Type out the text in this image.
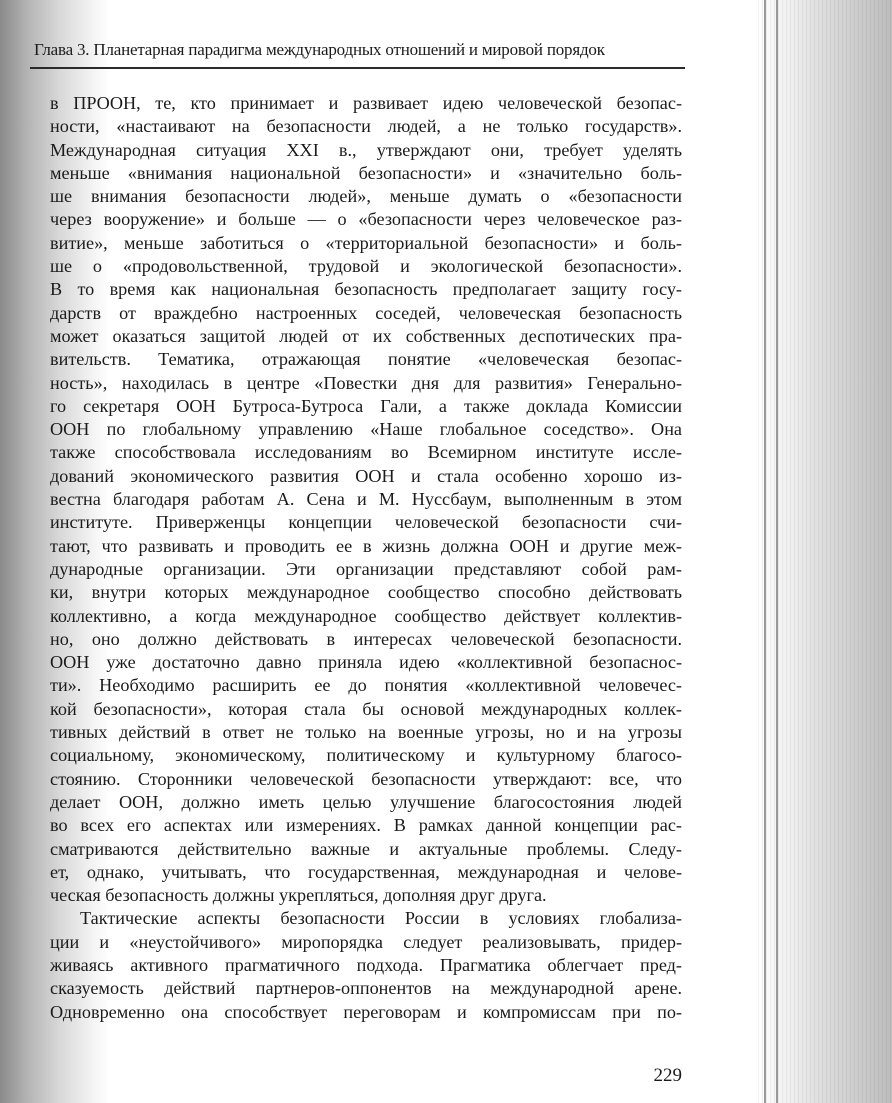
Глава 3. Планетарная парадигма международных отношений и мировой порядок
в ПРООН, те, кто принимает и развивает идею человеческой безопас-
ности, «настаивают на безопасности людей, а не только государств».
Международная ситуация XXI в., утверждают они, требует уделять
меньше «внимания национальной безопасности» и «значительно боль-
ше внимания безопасности людей», меньше думать о «безопасности
через вооружение» и больше — о «безопасности через человеческое раз-
витие», меньше заботиться о «территориальной безопасности» и боль-
ше о «продовольственной, трудовой и экологической безопасности».
В то время как национальная безопасность предполагает защиту госу-
дарств от враждебно настроенных соседей, человеческая безопасность
может оказаться защитой людей от их собственных деспотических пра-
вительств. Тематика, отражающая понятие «человеческая безопас-
ность», находилась в центре «Повестки дня для развития» Генерально-
го секретаря ООН Бутроса-Бутроса Гали, а также доклада Комиссии
ООН по глобальному управлению «Наше глобальное соседство». Она
также способствовала исследованиям во Всемирном институте иссле-
дований экономического развития ООН и стала особенно хорошо из-
вестна благодаря работам А. Сена и М. Нуссбаум, выполненным в этом
институте. Приверженцы концепции человеческой безопасности счи-
тают, что развивать и проводить ее в жизнь должна ООН и другие меж-
дународные организации. Эти организации представляют собой рам-
ки, внутри которых международное сообщество способно действовать
коллективно, а когда международное сообщество действует коллектив-
но, оно должно действовать в интересах человеческой безопасности.
ООН уже достаточно давно приняла идею «коллективной безопаснос-
ти». Необходимо расширить ее до понятия «коллективной человечес-
кой безопасности», которая стала бы основой международных коллек-
тивных действий в ответ не только на военные угрозы, но и на угрозы
социальному, экономическому, политическому и культурному благосо-
стоянию. Сторонники человеческой безопасности утверждают: все, что
делает ООН, должно иметь целью улучшение благосостояния людей
во всех его аспектах или измерениях. В рамках данной концепции рас-
сматриваются действительно важные и актуальные проблемы. Следу-
ет, однако, учитывать, что государственная, международная и челове-
ческая безопасность должны укрепляться, дополняя друг друга.
Тактические аспекты безопасности России в условиях глобализа-
ции и «неустойчивого» миропорядка следует реализовывать, придер-
живаясь активного прагматичного подхода. Прагматика облегчает пред-
сказуемость действий партнеров-оппонентов на международной арене.
Одновременно она способствует переговорам и компромиссам при по-
229
